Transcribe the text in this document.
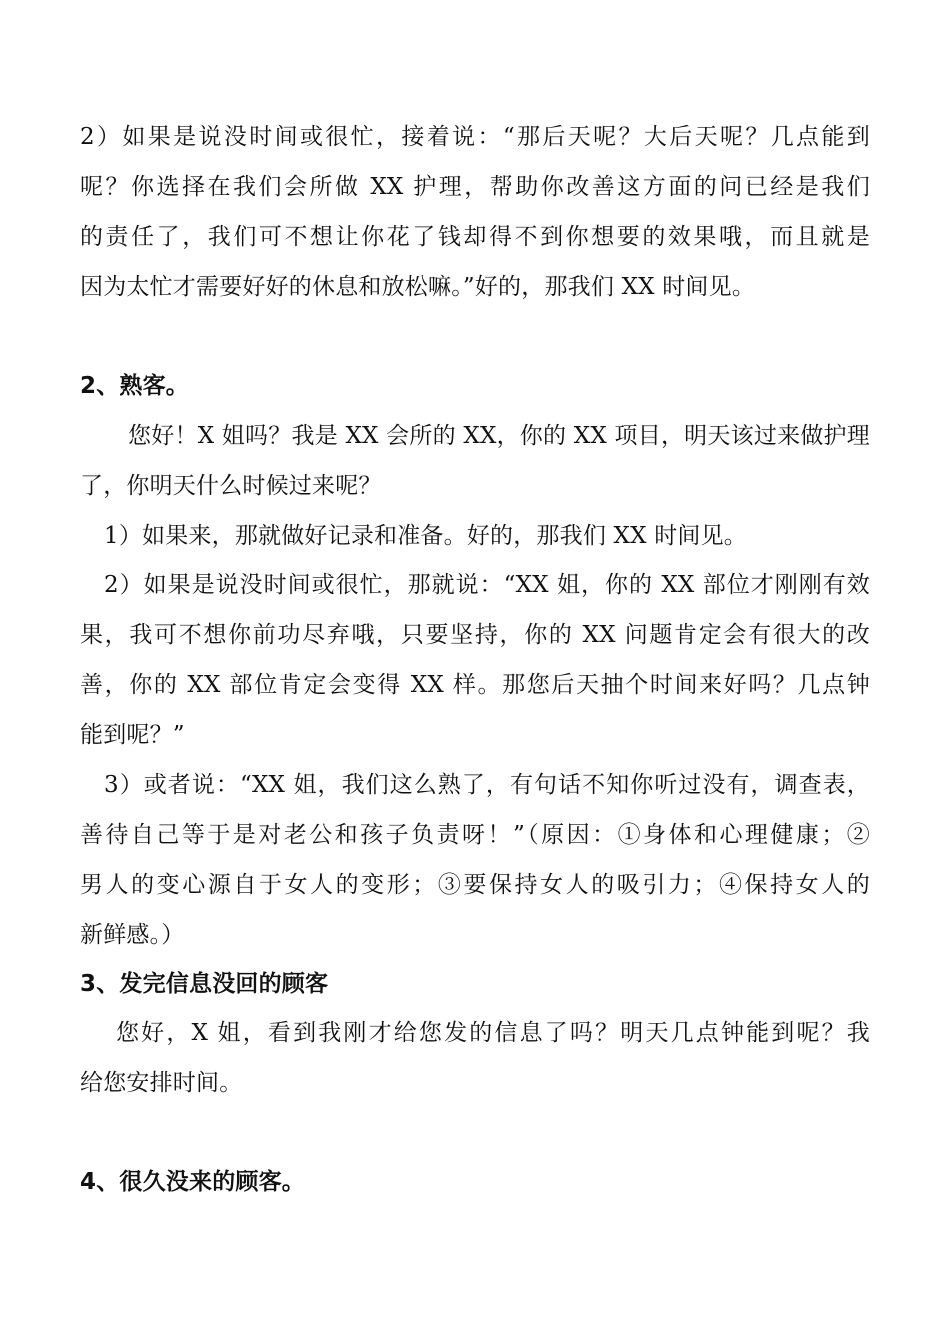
2）如果是说没时间或很忙，接着说：“那后天呢？大后天呢？几点能到
呢？你选择在我们会所做 XX 护理，帮助你改善这方面的问已经是我们
的责任了，我们可不想让你花了钱却得不到你想要的效果哦，而且就是
因为太忙才需要好好的休息和放松嘛。”好的，那我们 XX 时间见。
2、熟客。
您好！X 姐吗？我是 XX 会所的 XX，你的 XX 项目，明天该过来做护理
了，你明天什么时候过来呢？
1）如果来，那就做好记录和准备。好的，那我们 XX 时间见。
2）如果是说没时间或很忙，那就说：“XX 姐，你的 XX 部位才刚刚有效
果，我可不想你前功尽弃哦，只要坚持，你的 XX 问题肯定会有很大的改
善，你的 XX 部位肯定会变得 XX 样。那您后天抽个时间来好吗？几点钟
能到呢？”
3）或者说：“XX 姐，我们这么熟了，有句话不知你听过没有，调查表，
善待自己等于是对老公和孩子负责呀！”（原因：①身体和心理健康；②
男人的变心源自于女人的变形；③要保持女人的吸引力；④保持女人的
新鲜感。）
3、发完信息没回的顾客
您好，X 姐，看到我刚才给您发的信息了吗？明天几点钟能到呢？我
给您安排时间。
4、很久没来的顾客。
